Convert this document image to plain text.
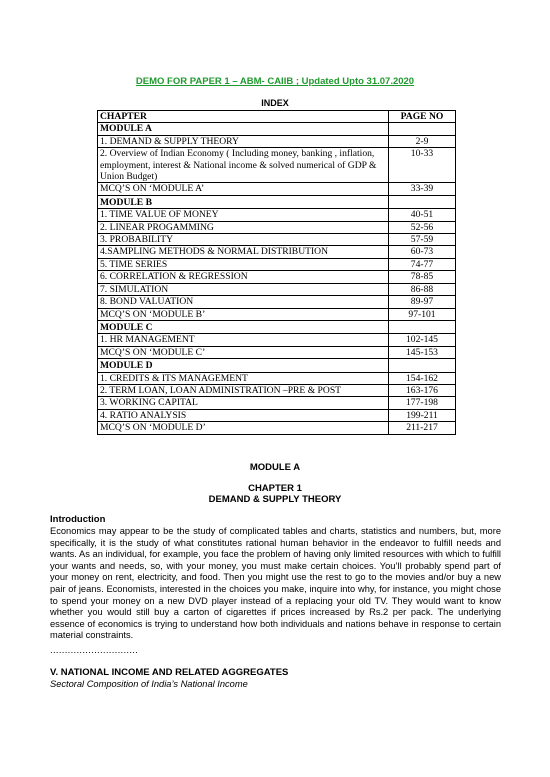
DEMO FOR PAPER 1 – ABM- CAIIB ; Updated Upto 31.07.2020
INDEX
CHAPTER	PAGE NO
MODULE A	
1. DEMAND & SUPPLY THEORY	2-9
2. Overview of Indian Economy ( Including money, banking , inflation, employment, interest & National income & solved numerical of GDP & Union Budget)	10-33
MCQ’S ON ‘MODULE A’	33-39
MODULE B	
1. TIME VALUE OF MONEY	40-51
2. LINEAR PROGAMMING	52-56
3. PROBABILITY	57-59
4.SAMPLING METHODS & NORMAL DISTRIBUTION	60-73
5. TIME SERIES	74-77
6. CORRELATION & REGRESSION	78-85
7. SIMULATION	86-88
8. BOND VALUATION	89-97
MCQ’S ON ‘MODULE B’	97-101
MODULE C	
1. HR MANAGEMENT	102-145
MCQ’S ON ‘MODULE C’	145-153
MODULE D	
1. CREDITS & ITS MANAGEMENT	154-162
2. TERM LOAN, LOAN ADMINISTRATION –PRE & POST	163-176
3. WORKING CAPITAL	177-198
4. RATIO ANALYSIS	199-211
MCQ’S ON ‘MODULE D’	211-217
MODULE A
CHAPTER 1
DEMAND & SUPPLY THEORY
Introduction

Economics may appear to be the study of complicated tables and charts, statistics and numbers, but, more specifically, it is the study of what constitutes rational human behavior in the endeavor to fulfill needs and wants. As an individual, for example, you face the problem of having only limited resources with which to fulfill your wants and needs, so, with your money, you must make certain choices. You’ll probably spend part of your money on rent, electricity, and food. Then you might use the rest to go to the movies and/or buy a new pair of jeans. Economists, interested in the choices you make, inquire into why, for instance, you might chose to spend your money on a new DVD player instead of a replacing your old TV. They would want to know whether you would still buy a carton of cigarettes if prices increased by Rs.2 per pack. The underlying essence of economics is trying to understand how both individuals and nations behave in response to certain material constraints.

..............................
V. NATIONAL INCOME AND RELATED AGGREGATES
Sectoral Composition of India’s National Income
